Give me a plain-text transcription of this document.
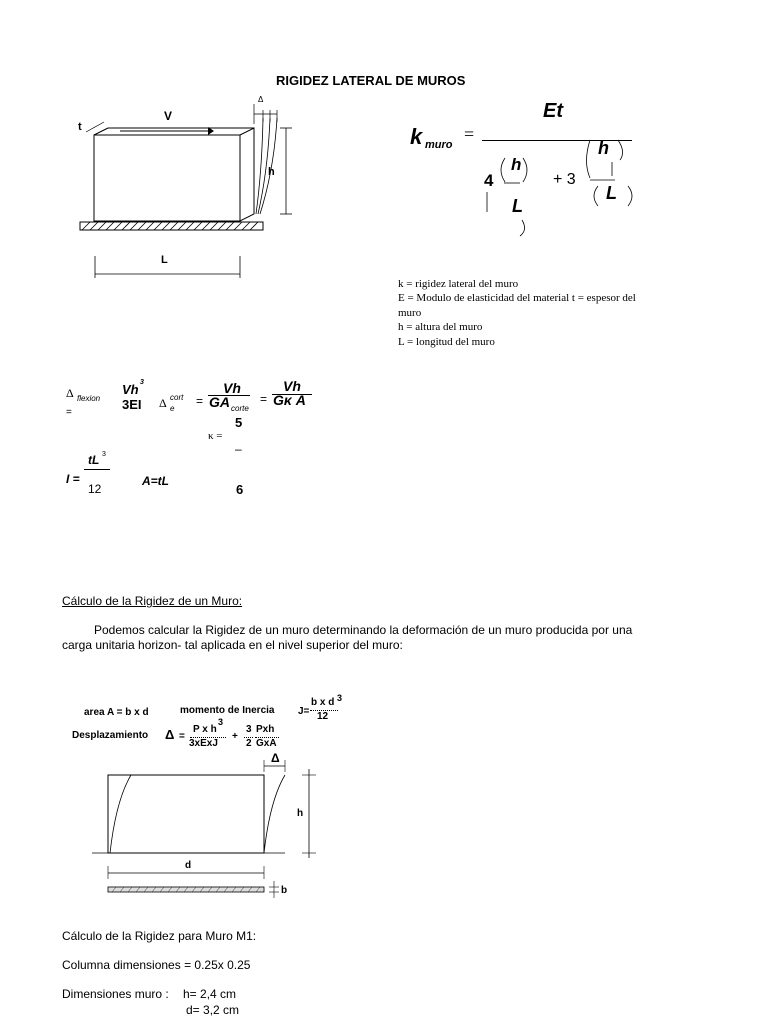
RIGIDEZ LATERAL DE MUROS
V
t
h
L
Δ
k muro
=
Et
4
h
L
+ 3
h
L
k = rigidez lateral del muro
E = Modulo de elasticidad del material t = espesor del muro
h = altura del muro
L = longitud del muro
Δ flexion
=
Vh 3
3EI Δ e
cort =
Vh
GA corte
=
Vh
Gκ A
5
κ =
–
I =
tL 3
12
A=tL
6
Cálculo de la Rigidez de un Muro:
Podemos calcular la Rigidez de un muro determinando la deformación de un muro producida por una carga unitaria horizon- tal aplicada en el nivel superior del muro:
area A = b x d	momento de Inercia J=
b x d 3
12
Desplazamiento Δ =
P x h
3
3xExJ
+
3
2
Pxh
GxA
Δ
h
d
b
Cálculo de la Rigidez para Muro M1:
Columna dimensiones = 0.25x 0.25
Dimensiones muro : h= 2,4 cm
d= 3,2 cm
